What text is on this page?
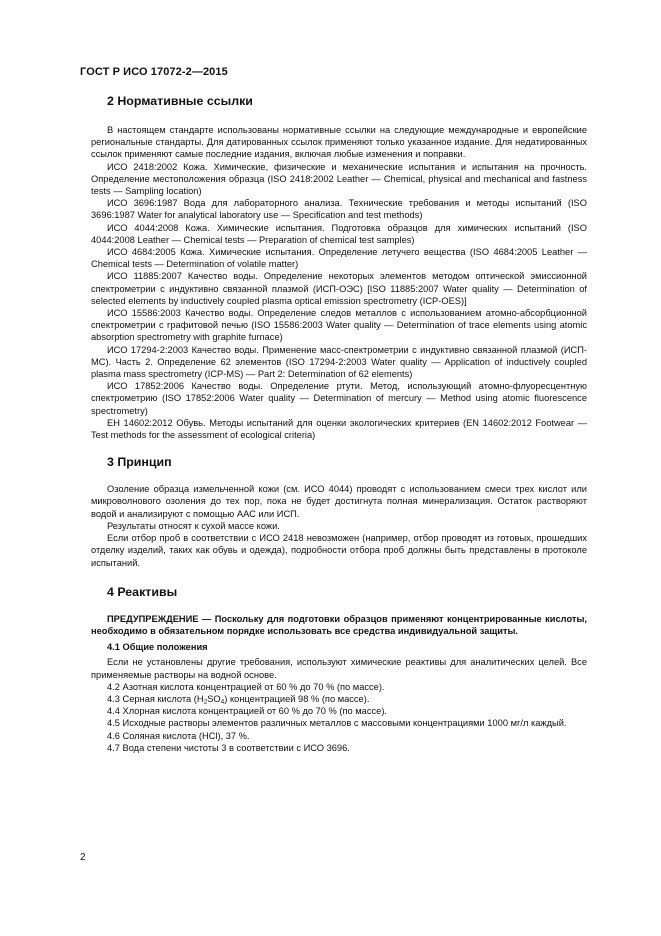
ГОСТ Р ИСО 17072-2—2015
2 Нормативные ссылки

В настоящем стандарте использованы нормативные ссылки на следующие международные и европейские региональные стандарты. Для датированных ссылок применяют только указанное издание. Для недатированных ссылок применяют самые последние издания, включая любые изменения и поправки.

ИСО 2418:2002 Кожа. Химические, физические и механические испытания и испытания на прочность. Определение местоположения образца (ISO 2418:2002 Leather — Chemical, physical and mechanical and fastness tests — Sampling location)

ИСО 3696:1987 Вода для лабораторного анализа. Технические требования и методы испытаний (ISO 3696:1987 Water for analytical laboratory use — Specification and test methods)

ИСО 4044:2008 Кожа. Химические испытания. Подготовка образцов для химических испытаний (ISO 4044:2008 Leather — Chemical tests — Preparation of chemical test samples)

ИСО 4684:2005 Кожа. Химические испытания. Определение летучего вещества (ISO 4684:2005 Leather — Chemical tests — Determination of volatile matter)

ИСО 11885:2007 Качество воды. Определение некоторых элементов методом оптической эмиссионной спектрометрии с индуктивно связанной плазмой (ИСП-ОЭС) [ISO 11885:2007 Water quality — Determination of selected elements by inductively coupled plasma optical emission spectrometry (ICP-OES)]

ИСО 15586:2003 Качество воды. Определение следов металлов с использованием атомно-абсорбционной спектрометрии с графитовой печью (ISO 15586:2003 Water quality — Determination of trace elements using atomic absorption spectrometry with graphite furnace)

ИСО 17294-2:2003 Качество воды. Применение масс-спектрометрии с индуктивно связанной плазмой (ИСП-МС). Часть 2. Определение 62 элементов (ISO 17294-2:2003 Water quality — Application of inductively coupled plasma mass spectrometry (ICP-MS) — Part 2: Determination of 62 elements)

ИСО 17852:2006 Качество воды. Определение ртути. Метод, использующий атомно-флуоресцентную спектрометрию (ISO 17852:2006 Water quality — Determination of mercury — Method using atomic fluorescence spectrometry)

ЕН 14602:2012 Обувь. Методы испытаний для оценки экологических критериев (EN 14602:2012 Footwear — Test methods for the assessment of ecological criteria)

3 Принцип

Озоление образца измельченной кожи (см. ИСО 4044) проводят с использованием смеси трех кислот или микроволнового озоления до тех пор, пока не будет достигнута полная минерализация. Остаток растворяют водой и анализируют с помощью ААС или ИСП.

Результаты относят к сухой массе кожи.

Если отбор проб в соответствии с ИСО 2418 невозможен (например, отбор проводят из готовых, прошедших отделку изделий, таких как обувь и одежда), подробности отбора проб должны быть представлены в протоколе испытаний.

4 Реактивы

ПРЕДУПРЕЖДЕНИЕ — Поскольку для подготовки образцов применяют концентрированные кислоты, необходимо в обязательном порядке использовать все средства индивидуальной защиты.

4.1 Общие положения

Если не установлены другие требования, используют химические реактивы для аналитических целей. Все применяемые растворы на водной основе.

4.2 Азотная кислота концентрацией от 60 % до 70 % (по массе).

4.3 Серная кислота $(H_2SO_4)$ концентрацией 98 % (по массе).

4.4 Хлорная кислота концентрацией от 60 % до 70 % (по массе).

4.5 Исходные растворы элементов различных металлов с массовыми концентрациями 1000 мг/л каждый.

4.6 Соляная кислота (HCl), 37 %.

4.7 Вода степени чистоты 3 в соответствии с ИСО 3696.

2
